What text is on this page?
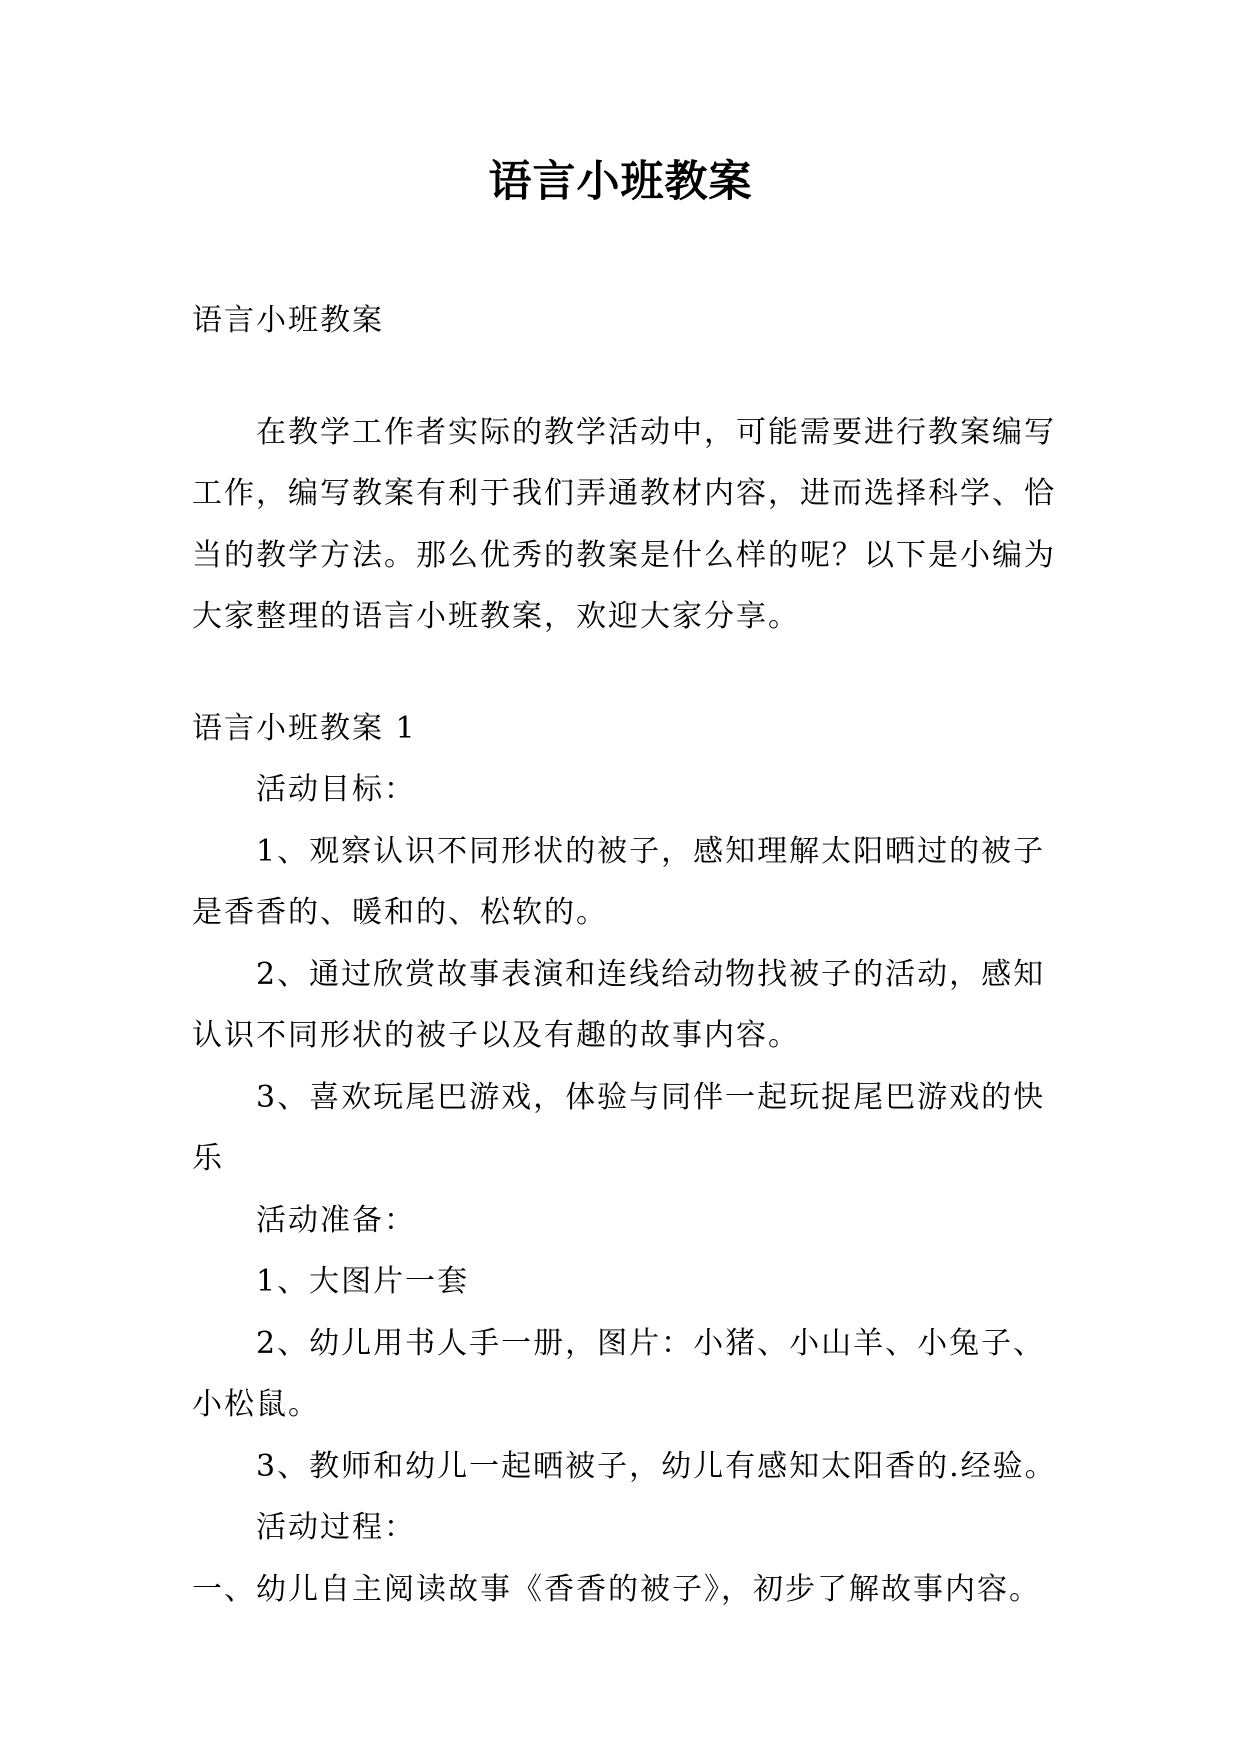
语言小班教案

语言小班教案

在教学工作者实际的教学活动中，可能需要进行教案编写工作，编写教案有利于我们弄通教材内容，进而选择科学、恰当的教学方法。那么优秀的教案是什么样的呢？以下是小编为大家整理的语言小班教案，欢迎大家分享。

语言小班教案 1

活动目标：

1、观察认识不同形状的被子，感知理解太阳晒过的被子是香香的、暖和的、松软的。

2、通过欣赏故事表演和连线给动物找被子的活动，感知认识不同形状的被子以及有趣的故事内容。

3、喜欢玩尾巴游戏，体验与同伴一起玩捉尾巴游戏的快乐

活动准备：

1、大图片一套

2、幼儿用书人手一册，图片：小猪、小山羊、小兔子、小松鼠。

3、教师和幼儿一起晒被子，幼儿有感知太阳香的.经验。

活动过程：

一、幼儿自主阅读故事《香香的被子》，初步了解故事内容。
